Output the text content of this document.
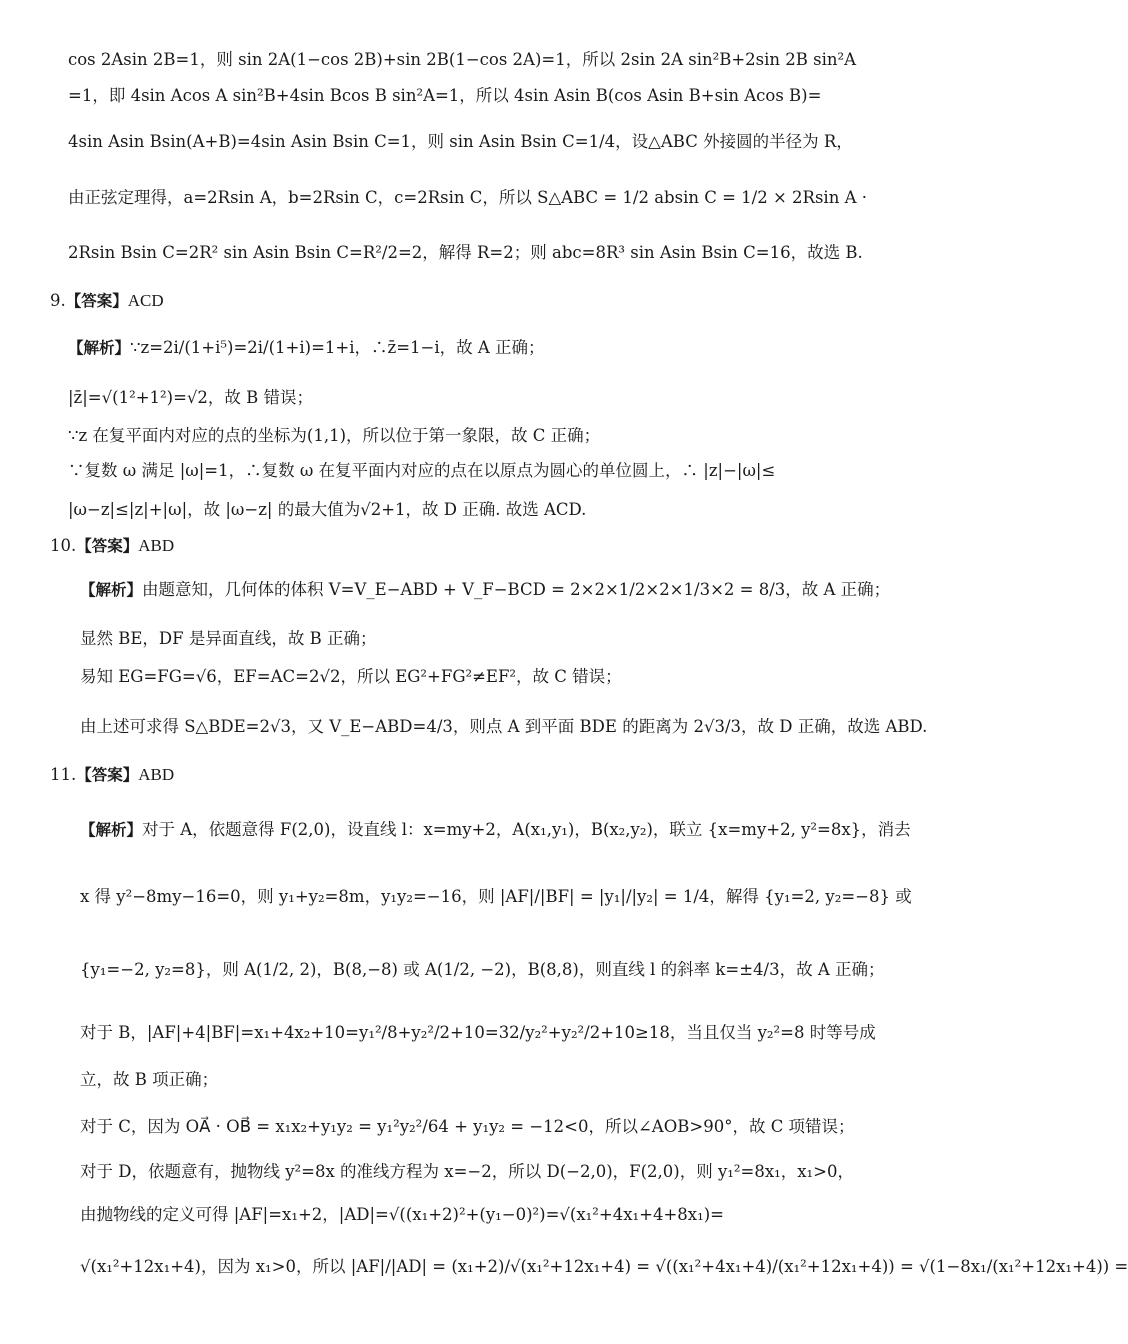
cos 2Asin 2B=1，则 sin 2A(1−cos 2B)+sin 2B(1−cos 2A)=1，所以 2sin 2A sin²B+2sin 2B sin²A
=1，即 4sin Acos A sin²B+4sin Bcos B sin²A=1，所以 4sin Asin B(cos Asin B+sin Acos B)=
4sin Asin Bsin(A+B)=4sin Asin Bsin C=1，则 sin Asin Bsin C=1/4，设△ABC 外接圆的半径为 R，
由正弦定理得，a=2Rsin A，b=2Rsin C，c=2Rsin C，所以 S△ABC = 1/2 absin C = 1/2 × 2Rsin A ·
2Rsin Bsin C=2R² sin Asin Bsin C=R²/2=2，解得 R=2；则 abc=8R³ sin Asin Bsin C=16，故选 B.
9.【答案】ACD
【解析】∵z=2i/(1+i⁵)=2i/(1+i)=1+i，∴z̄=1−i，故 A 正确；
|z̄|=√(1²+1²)=√2，故 B 错误；
∵z 在复平面内对应的点的坐标为(1,1)，所以位于第一象限，故 C 正确；
∵复数 ω 满足 |ω|=1，∴复数 ω 在复平面内对应的点在以原点为圆心的单位圆上，∴ |z|−|ω|≤
|ω−z|≤|z|+|ω|，故 |ω−z| 的最大值为√2+1，故 D 正确. 故选 ACD.
10.【答案】ABD
【解析】由题意知，几何体的体积 V=V_E−ABD + V_F−BCD = 2×2×1/2×2×1/3×2 = 8/3，故 A 正确；
显然 BE，DF 是异面直线，故 B 正确；
易知 EG=FG=√6，EF=AC=2√2，所以 EG²+FG²≠EF²，故 C 错误；
由上述可求得 S△BDE=2√3，又 V_E−ABD=4/3，则点 A 到平面 BDE 的距离为 2√3/3，故 D 正确，故选 ABD.
11.【答案】ABD
【解析】对于 A，依题意得 F(2,0)，设直线 l：x=my+2，A(x₁,y₁)，B(x₂,y₂)，联立 {x=my+2, y²=8x}，消去
x 得 y²−8my−16=0，则 y₁+y₂=8m，y₁y₂=−16，则 |AF|/|BF| = |y₁|/|y₂| = 1/4，解得 {y₁=2, y₂=−8} 或
{y₁=−2, y₂=8}，则 A(1/2, 2)，B(8,−8) 或 A(1/2, −2)，B(8,8)，则直线 l 的斜率 k=±4/3，故 A 正确；
对于 B，|AF|+4|BF|=x₁+4x₂+10=y₁²/8+y₂²/2+10=32/y₂²+y₂²/2+10≥18，当且仅当 y₂²=8 时等号成
立，故 B 项正确；
对于 C，因为 OA⃗ · OB⃗ = x₁x₂+y₁y₂ = y₁²y₂²/64 + y₁y₂ = −12<0，所以∠AOB>90°，故 C 项错误；
对于 D，依题意有，抛物线 y²=8x 的准线方程为 x=−2，所以 D(−2,0)，F(2,0)，则 y₁²=8x₁，x₁>0，
由抛物线的定义可得 |AF|=x₁+2，|AD|=√((x₁+2)²+(y₁−0)²)=√(x₁²+4x₁+4+8x₁)=
√(x₁²+12x₁+4)，因为 x₁>0，所以 |AF|/|AD| = (x₁+2)/√(x₁²+12x₁+4) = √((x₁²+4x₁+4)/(x₁²+12x₁+4)) = √(1−8x₁/(x₁²+12x₁+4)) =
